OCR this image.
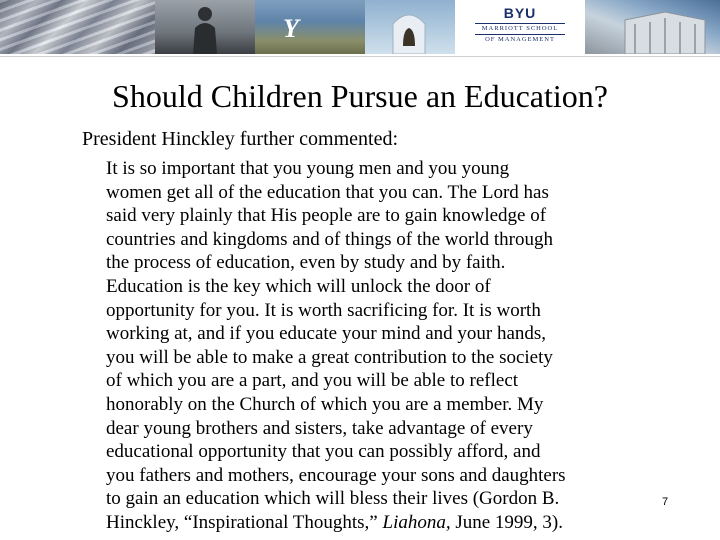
Y
BYU
MARRIOTT SCHOOL
OF MANAGEMENT
Should Children Pursue an Education?
President Hinckley further commented:
It is so important that you young men and you young
women get all of the education that you can. The Lord has
said very plainly that His people are to gain knowledge of
countries and kingdoms and of things of the world through
the process of education, even by study and by faith.
Education is the key which will unlock the door of
opportunity for you. It is worth sacrificing for. It is worth
working at, and if you educate your mind and your hands,
you will be able to make a great contribution to the society
of which you are a part, and you will be able to reflect
honorably on the Church of which you are a member. My
dear young brothers and sisters, take advantage of every
educational opportunity that you can possibly afford, and
you fathers and mothers, encourage your sons and daughters
to gain an education which will bless their lives (Gordon B.
Hinckley, “Inspirational Thoughts,” Liahona, June 1999, 3).
7
